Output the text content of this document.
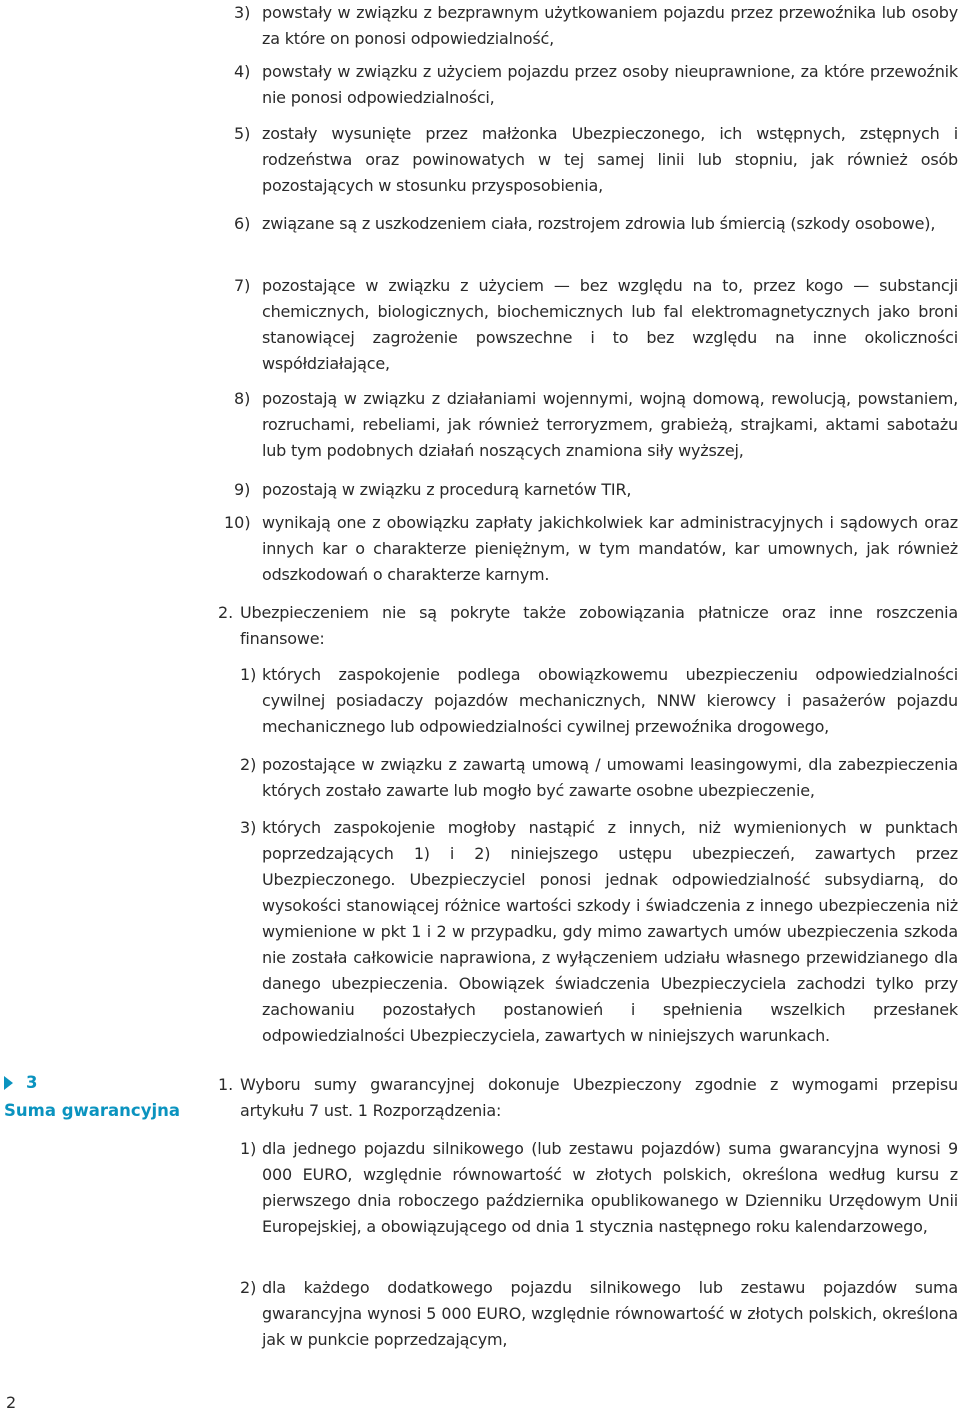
3) powstały w związku z bezprawnym użytkowaniem pojazdu przez przewoźnika lub osoby za które on ponosi odpowiedzialność,

4) powstały w związku z użyciem pojazdu przez osoby nieuprawnione, za które przewoźnik nie ponosi odpowiedzialności,

5) zostały wysunięte przez małżonka Ubezpieczonego, ich wstępnych, zstępnych i rodzeństwa oraz powinowatych w tej samej linii lub stopniu, jak również osób pozostających w stosunku przysposobienia,

6) związane są z uszkodzeniem ciała, rozstrojem zdrowia lub śmiercią (szkody osobowe),

7) pozostające w związku z użyciem — bez względu na to, przez kogo — substancji chemicznych, biologicznych, biochemicznych lub fal elektromagnetycznych jako broni stanowiącej zagrożenie powszechne i to bez względu na inne okoliczności współdziałające,

8) pozostają w związku z działaniami wojennymi, wojną domową, rewolucją, powstaniem, rozruchami, rebeliami, jak również terroryzmem, grabieżą, strajkami, aktami sabotażu lub tym podobnych działań noszących znamiona siły wyższej,

9) pozostają w związku z procedurą karnetów TIR,

10) wynikają one z obowiązku zapłaty jakichkolwiek kar administracyjnych i sądowych oraz innych kar o charakterze pieniężnym, w tym mandatów, kar umownych, jak również odszkodowań o charakterze karnym.

2. Ubezpieczeniem nie są pokryte także zobowiązania płatnicze oraz inne roszczenia finansowe:

1) których zaspokojenie podlega obowiązkowemu ubezpieczeniu odpowiedzialności cywilnej posiadaczy pojazdów mechanicznych, NNW kierowcy i pasażerów pojazdu mechanicznego lub odpowiedzialności cywilnej przewoźnika drogowego,

2) pozostające w związku z zawartą umową / umowami leasingowymi, dla zabezpieczenia których zostało zawarte lub mogło być zawarte osobne ubezpieczenie,

3) których zaspokojenie mogłoby nastąpić z innych, niż wymienionych w punktach poprzedzających 1) i 2) niniejszego ustępu ubezpieczeń, zawartych przez Ubezpieczonego. Ubezpieczyciel ponosi jednak odpowiedzialność subsydiarną, do wysokości stanowiącej różnice wartości szkody i świadczenia z innego ubezpieczenia niż wymienione w pkt 1 i 2 w przypadku, gdy mimo zawartych umów ubezpieczenia szkoda nie została całkowicie naprawiona, z wyłączeniem udziału własnego przewidzianego dla danego ubezpieczenia. Obowiązek świadczenia Ubezpieczyciela zachodzi tylko przy zachowaniu pozostałych postanowień i spełnienia wszelkich przesłanek odpowiedzialności Ubezpieczyciela, zawartych w niniejszych warunkach.

3
Suma gwarancyjna
1. Wyboru sumy gwarancyjnej dokonuje Ubezpieczony zgodnie z wymogami przepisu artykułu 7 ust. 1 Rozporządzenia:

1) dla jednego pojazdu silnikowego (lub zestawu pojazdów) suma gwarancyjna wynosi 9 000 EURO, względnie równowartość w złotych polskich, określona według kursu z pierwszego dnia roboczego października opublikowanego w Dzienniku Urzędowym Unii Europejskiej, a obowiązującego od dnia 1 stycznia następnego roku kalendarzowego,

2) dla każdego dodatkowego pojazdu silnikowego lub zestawu pojazdów suma gwarancyjna wynosi 5 000 EURO, względnie równowartość w złotych polskich, określona jak w punkcie poprzedzającym,

2
